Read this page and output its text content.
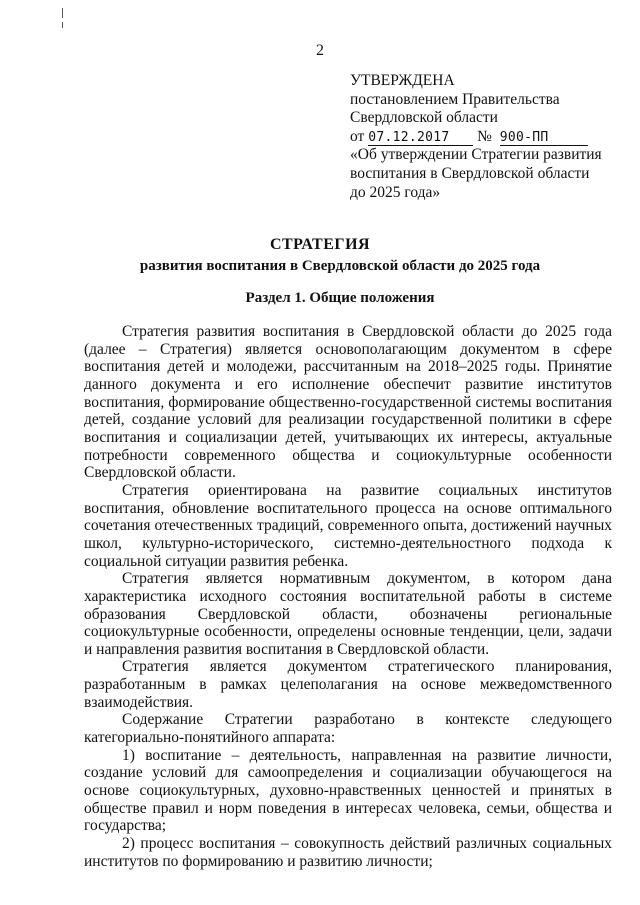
2
УТВЕРЖДЕНА
постановлением Правительства
Свердловской области
от 07.12.2017 № 900-ПП
«Об утверждении Стратегии развития
воспитания в Свердловской области
до 2025 года»
СТРАТЕГИЯ
развития воспитания в Свердловской области до 2025 года
Раздел 1. Общие положения

Стратегия развития воспитания в Свердловской области до 2025 года (далее – Стратегия) является основополагающим документом в сфере воспитания детей и молодежи, рассчитанным на 2018–2025 годы. Принятие данного документа и его исполнение обеспечит развитие институтов воспитания, формирование общественно-государственной системы воспитания детей, создание условий для реализации государственной политики в сфере воспитания и социализации детей, учитывающих их интересы, актуальные потребности современного общества и социокультурные особенности Свердловской области.

Стратегия ориентирована на развитие социальных институтов воспитания, обновление воспитательного процесса на основе оптимального сочетания отечественных традиций, современного опыта, достижений научных школ, культурно-исторического, системно-деятельностного подхода к социальной ситуации развития ребенка.

Стратегия является нормативным документом, в котором дана характеристика исходного состояния воспитательной работы в системе образования Свердловской области, обозначены региональные социокультурные особенности, определены основные тенденции, цели, задачи и направления развития воспитания в Свердловской области.

Стратегия является документом стратегического планирования, разработанным в рамках целеполагания на основе межведомственного взаимодействия.

Содержание Стратегии разработано в контексте следующего категориально-понятийного аппарата:

1) воспитание – деятельность, направленная на развитие личности, создание условий для самоопределения и социализации обучающегося на основе социокультурных, духовно-нравственных ценностей и принятых в обществе правил и норм поведения в интересах человека, семьи, общества и государства;

2) процесс воспитания – совокупность действий различных социальных институтов по формированию и развитию личности;
